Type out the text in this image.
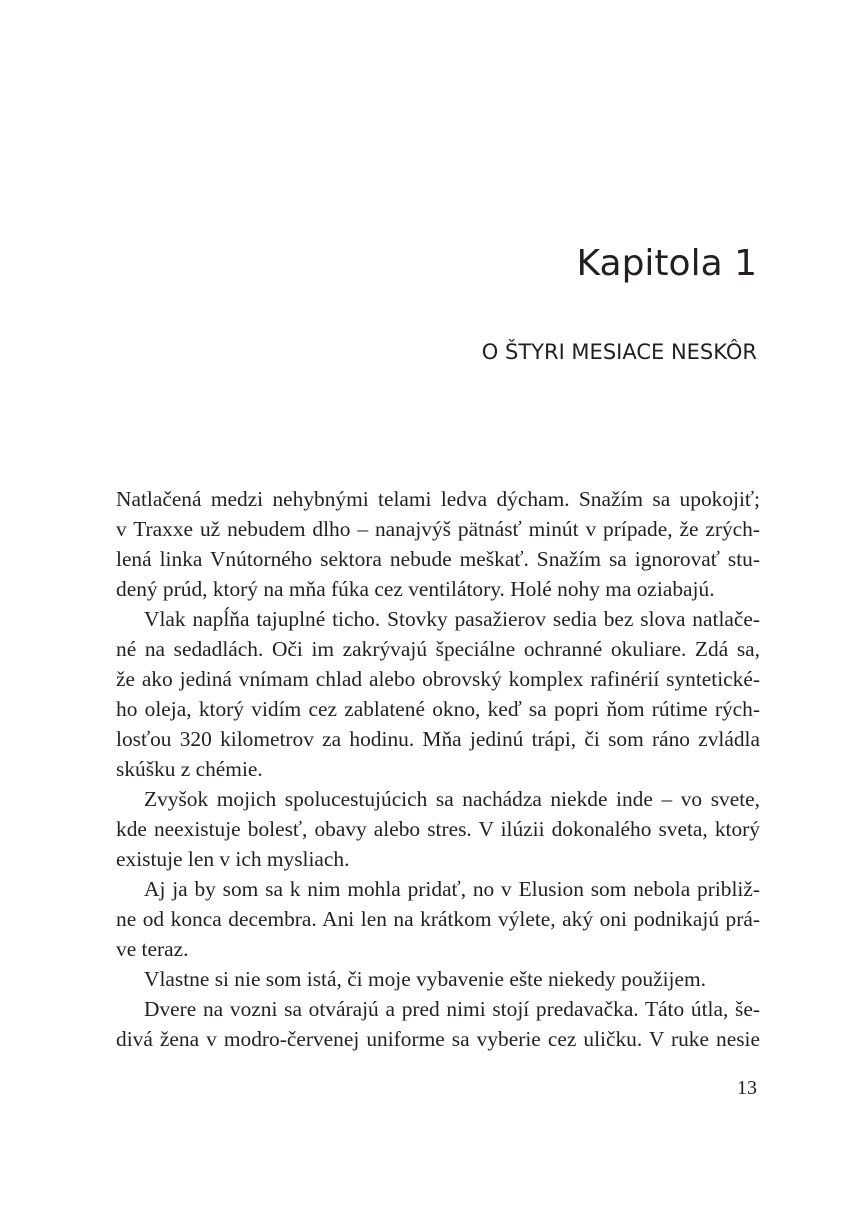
Kapitola 1
O ŠTYRI MESIACE NESKÔR
Natlačená medzi nehybnými telami ledva dýcham. Snažím sa upokojiť;
v Traxxe už nebudem dlho – nanajvýš pätnásť minút v prípade, že zrých-
lená linka Vnútorného sektora nebude meškať. Snažím sa ignorovať stu-
dený prúd, ktorý na mňa fúka cez ventilátory. Holé nohy ma oziabajú.
Vlak napĺňa tajuplné ticho. Stovky pasažierov sedia bez slova natlače-
né na sedadlách. Oči im zakrývajú špeciálne ochranné okuliare. Zdá sa,
že ako jediná vnímam chlad alebo obrovský komplex rafinérií syntetické-
ho oleja, ktorý vidím cez zablatené okno, keď sa popri ňom rútime rých-
losťou 320 kilometrov za hodinu. Mňa jedinú trápi, či som ráno zvládla
skúšku z chémie.
Zvyšok mojich spolucestujúcich sa nachádza niekde inde – vo svete,
kde neexistuje bolesť, obavy alebo stres. V ilúzii dokonalého sveta, ktorý
existuje len v ich mysliach.
Aj ja by som sa k nim mohla pridať, no v Elusion som nebola približ-
ne od konca decembra. Ani len na krátkom výlete, aký oni podnikajú prá-
ve teraz.
Vlastne si nie som istá, či moje vybavenie ešte niekedy použijem.
Dvere na vozni sa otvárajú a pred nimi stojí predavačka. Táto útla, še-
divá žena v modro-červenej uniforme sa vyberie cez uličku. V ruke nesie
13
